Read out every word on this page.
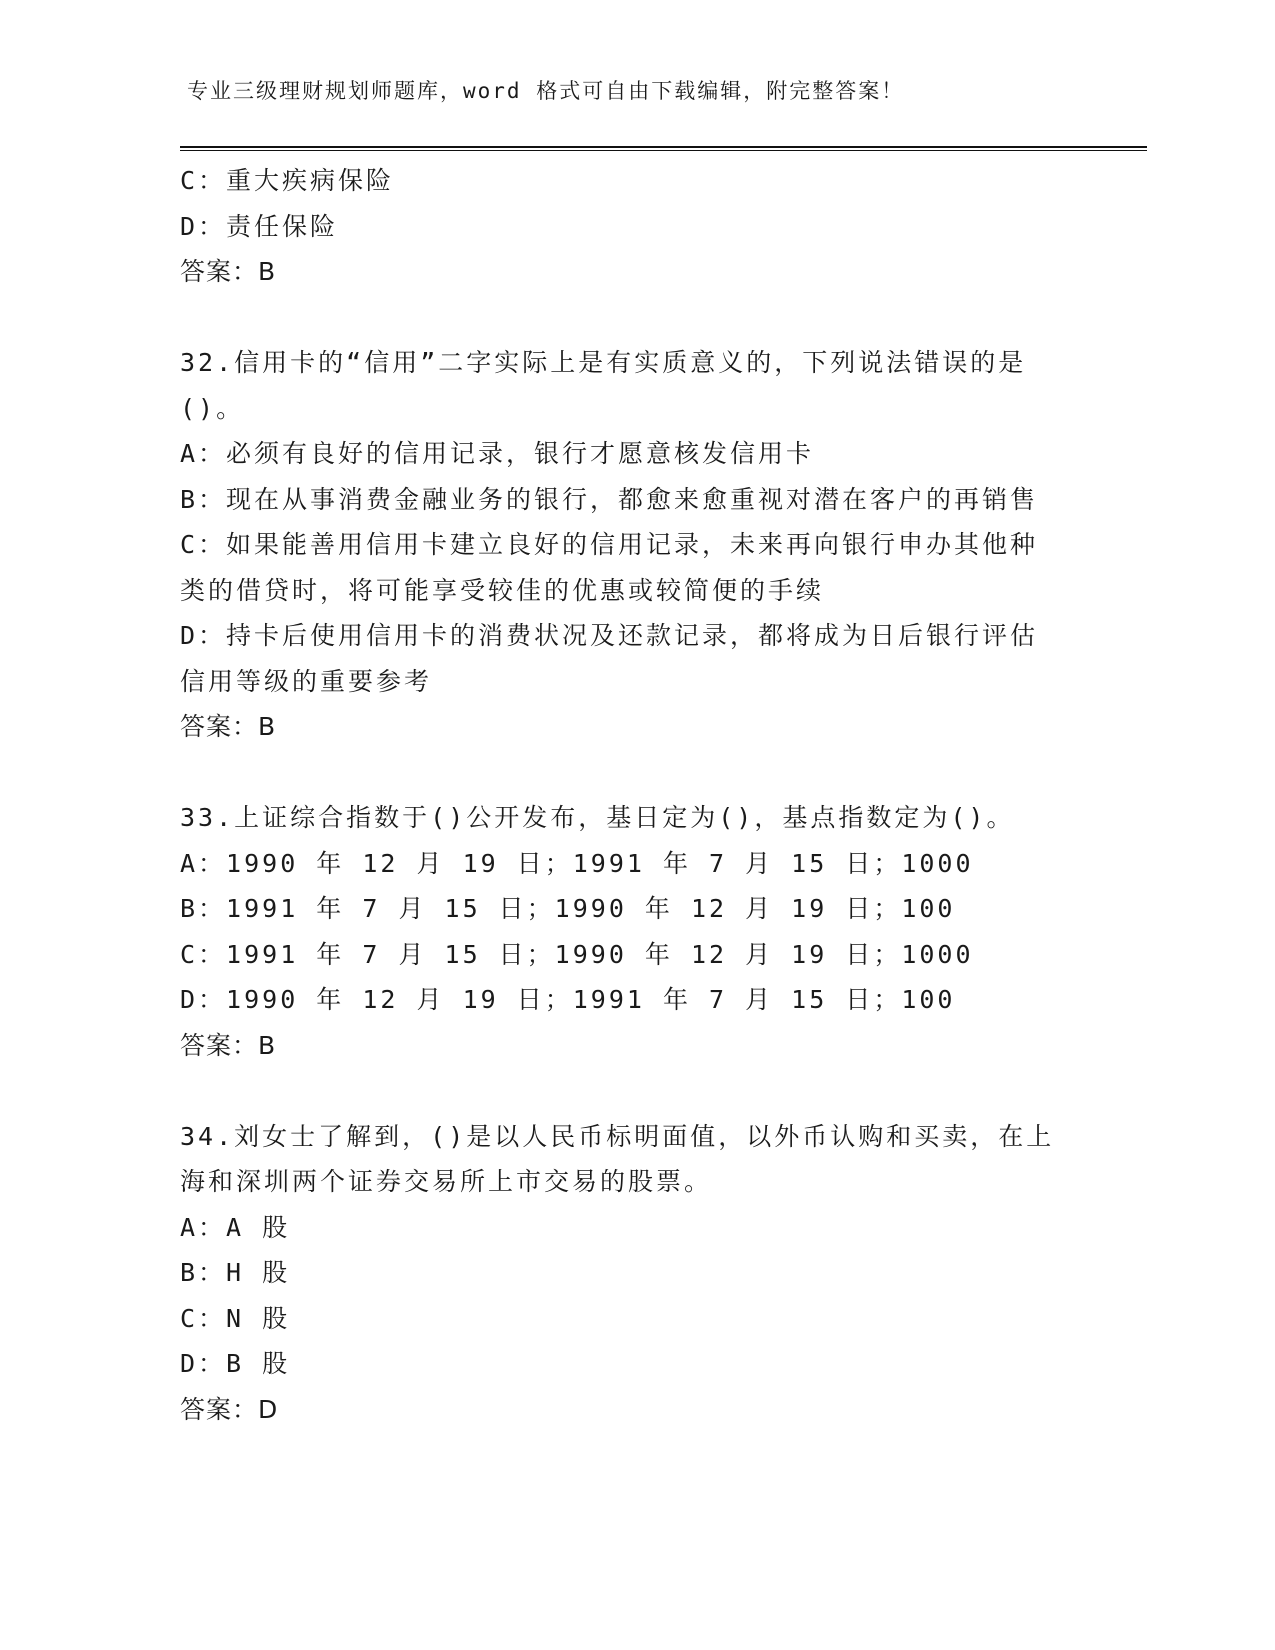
专业三级理财规划师题库，word 格式可自由下载编辑，附完整答案！
C：重大疾病保险
D：责任保险
答案：B
32.信用卡的“信用”二字实际上是有实质意义的，下列说法错误的是
()。
A：必须有良好的信用记录，银行才愿意核发信用卡
B：现在从事消费金融业务的银行，都愈来愈重视对潜在客户的再销售
C：如果能善用信用卡建立良好的信用记录，未来再向银行申办其他种
类的借贷时，将可能享受较佳的优惠或较简便的手续
D：持卡后使用信用卡的消费状况及还款记录，都将成为日后银行评估
信用等级的重要参考
答案：B
33.上证综合指数于()公开发布，基日定为()，基点指数定为()。
A：1990 年 12 月 19 日；1991 年 7 月 15 日；1000
B：1991 年 7 月 15 日；1990 年 12 月 19 日；100
C：1991 年 7 月 15 日；1990 年 12 月 19 日；1000
D：1990 年 12 月 19 日；1991 年 7 月 15 日；100
答案：B
34.刘女士了解到，()是以人民币标明面值，以外币认购和买卖，在上
海和深圳两个证券交易所上市交易的股票。
A：A 股
B：H 股
C：N 股
D：B 股
答案：D
